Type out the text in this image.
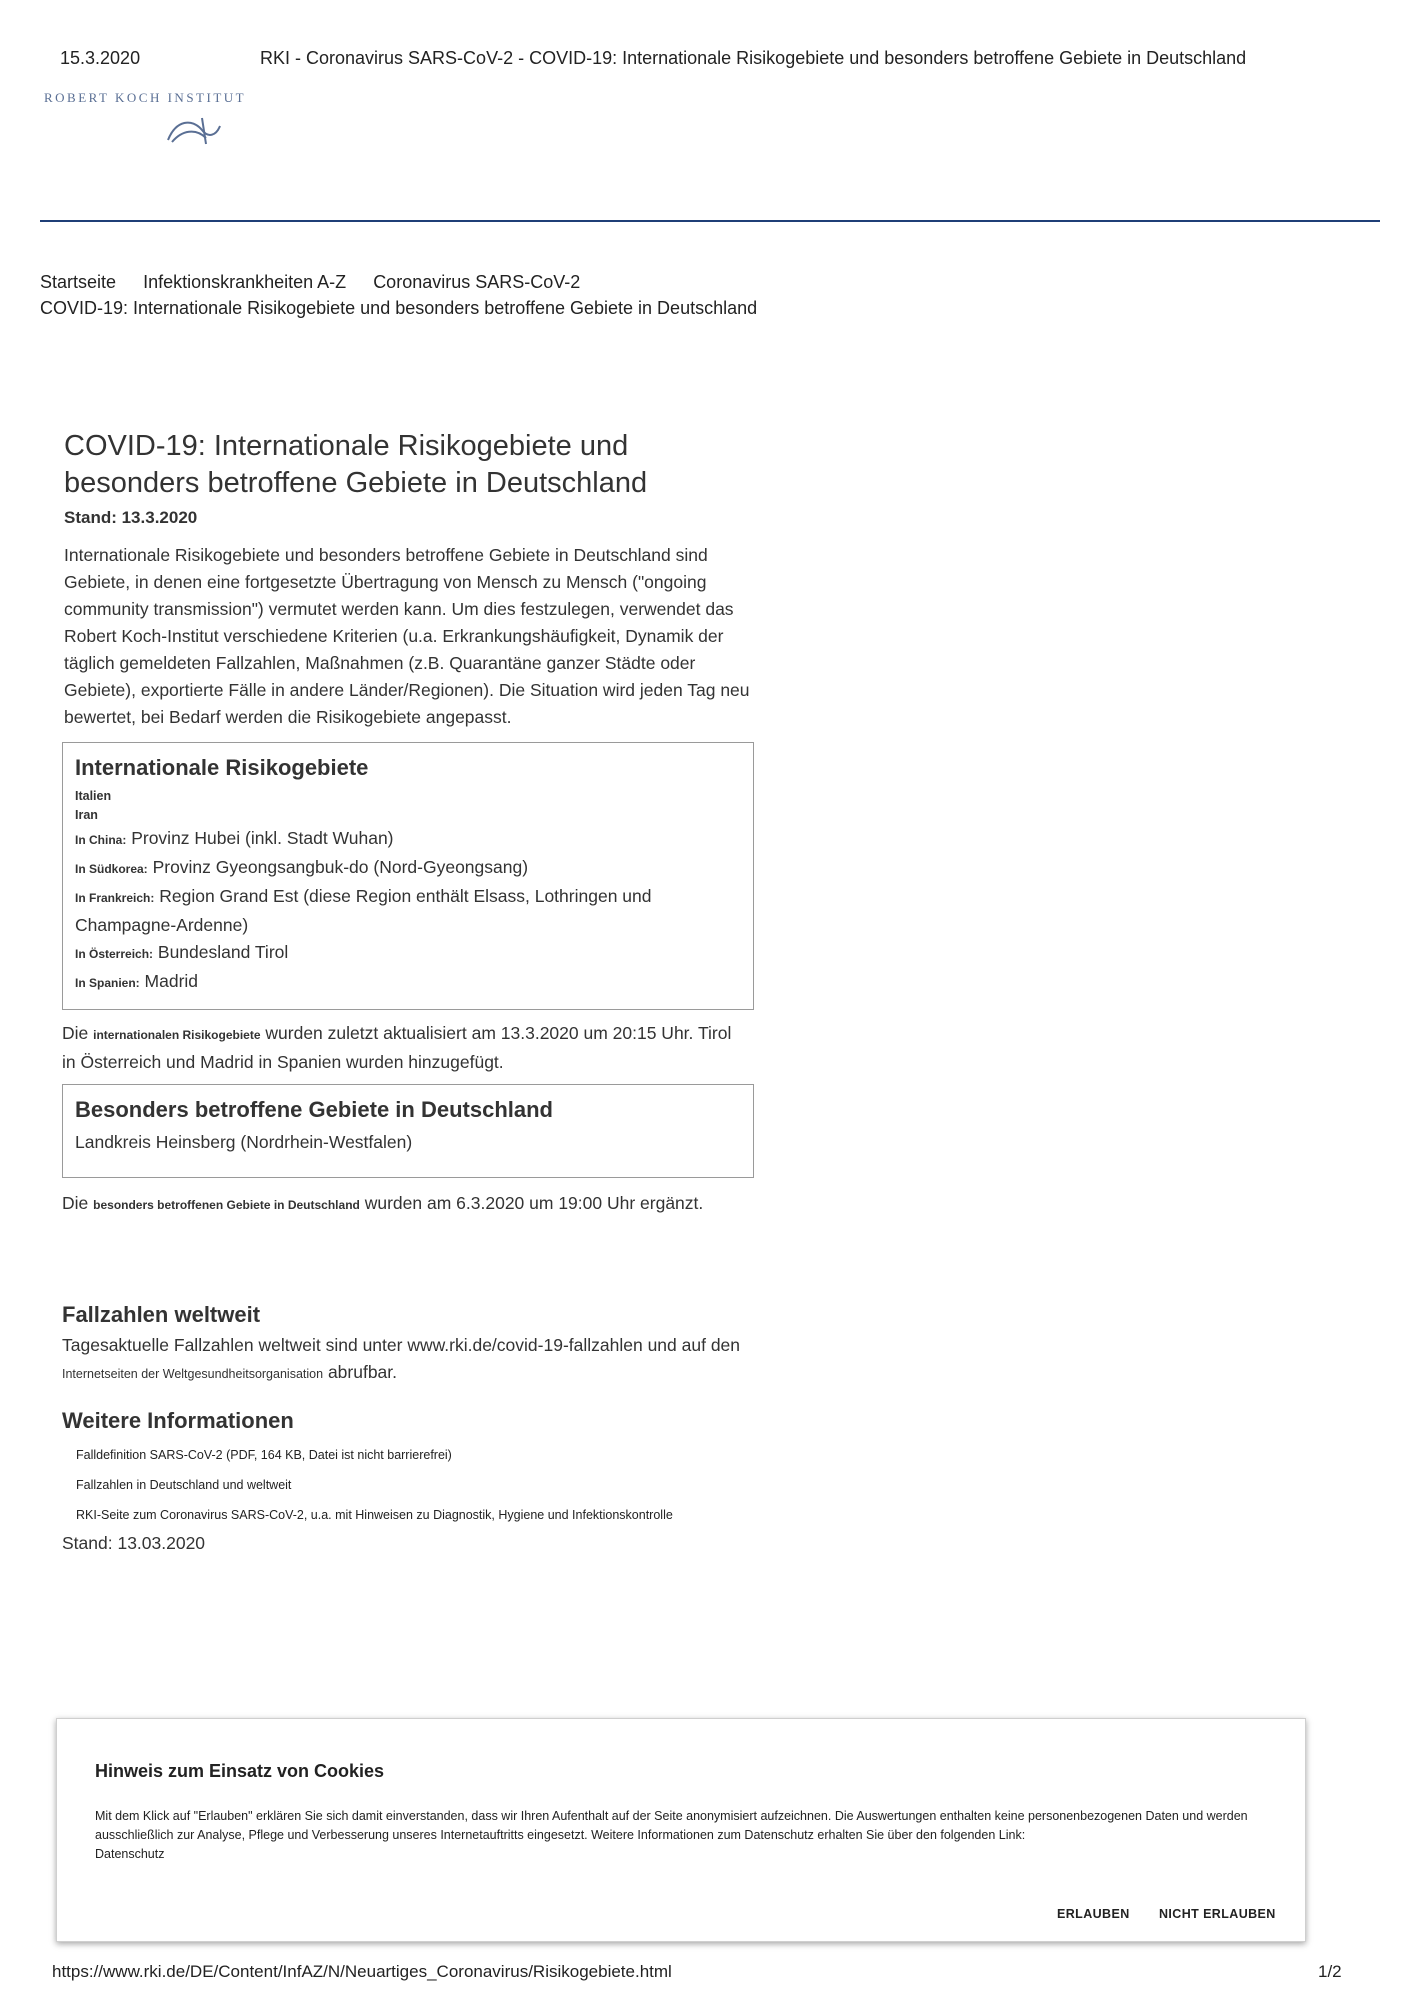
15.3.2020	RKI - Coronavirus SARS-CoV-2 - COVID-19: Internationale Risikogebiete und besonders betroffene Gebiete in Deutschland
ROBERT KOCH INSTITUT
Startseite Infektionskrankheiten A-Z Coronavirus SARS-CoV-2
COVID-19: Internationale Risikogebiete und besonders betroffene Gebiete in Deutschland
COVID-19: Internationale Risikogebiete und
besonders betroffene Gebiete in Deutschland
Stand: 13.3.2020
Internationale Risikogebiete und besonders betroffene Gebiete in Deutschland sind Gebiete, in denen eine fortgesetzte Übertragung von Mensch zu Mensch ("ongoing community transmission") vermutet werden kann. Um dies festzulegen, verwendet das Robert Koch-Institut verschiedene Kriterien (u.a. Erkrankungshäufigkeit, Dynamik der täglich gemeldeten Fallzahlen, Maßnahmen (z.B. Quarantäne ganzer Städte oder Gebiete), exportierte Fälle in andere Länder/Regionen). Die Situation wird jeden Tag neu bewertet, bei Bedarf werden die Risikogebiete angepasst.
Internationale Risikogebiete
Italien
Iran
In China: Provinz Hubei (inkl. Stadt Wuhan)
In Südkorea: Provinz Gyeongsangbuk-do (Nord-Gyeongsang)
In Frankreich: Region Grand Est (diese Region enthält Elsass, Lothringen und Champagne-Ardenne)
In Österreich: Bundesland Tirol
In Spanien: Madrid
Die internationalen Risikogebiete wurden zuletzt aktualisiert am 13.3.2020 um 20:15 Uhr. Tirol in Österreich und Madrid in Spanien wurden hinzugefügt.
Besonders betroffene Gebiete in Deutschland
Landkreis Heinsberg (Nordrhein-Westfalen)
Die besonders betroffenen Gebiete in Deutschland wurden am 6.3.2020 um 19:00 Uhr ergänzt.
Fallzahlen weltweit
Tagesaktuelle Fallzahlen weltweit sind unter www.rki.de/covid-19-fallzahlen und auf den Internetseiten der Weltgesundheitsorganisation abrufbar.
Weitere Informationen
Falldefinition SARS-CoV-2 (PDF, 164 KB, Datei ist nicht barrierefrei)
Fallzahlen in Deutschland und weltweit
RKI-Seite zum Coronavirus SARS-CoV-2, u.a. mit Hinweisen zu Diagnostik, Hygiene und Infektionskontrolle
Stand: 13.03.2020
Hinweis zum Einsatz von Cookies
Mit dem Klick auf "Erlauben" erklären Sie sich damit einverstanden, dass wir Ihren Aufenthalt auf der Seite anonymisiert aufzeichnen. Die Auswertungen enthalten keine personenbezogenen Daten und werden ausschließlich zur Analyse, Pflege und Verbesserung unseres Internetauftritts eingesetzt. Weitere Informationen zum Datenschutz erhalten Sie über den folgenden Link:
Datenschutz
ERLAUBEN NICHT ERLAUBEN
https://www.rki.de/DE/Content/InfAZ/N/Neuartiges_Coronavirus/Risikogebiete.html	1/2
